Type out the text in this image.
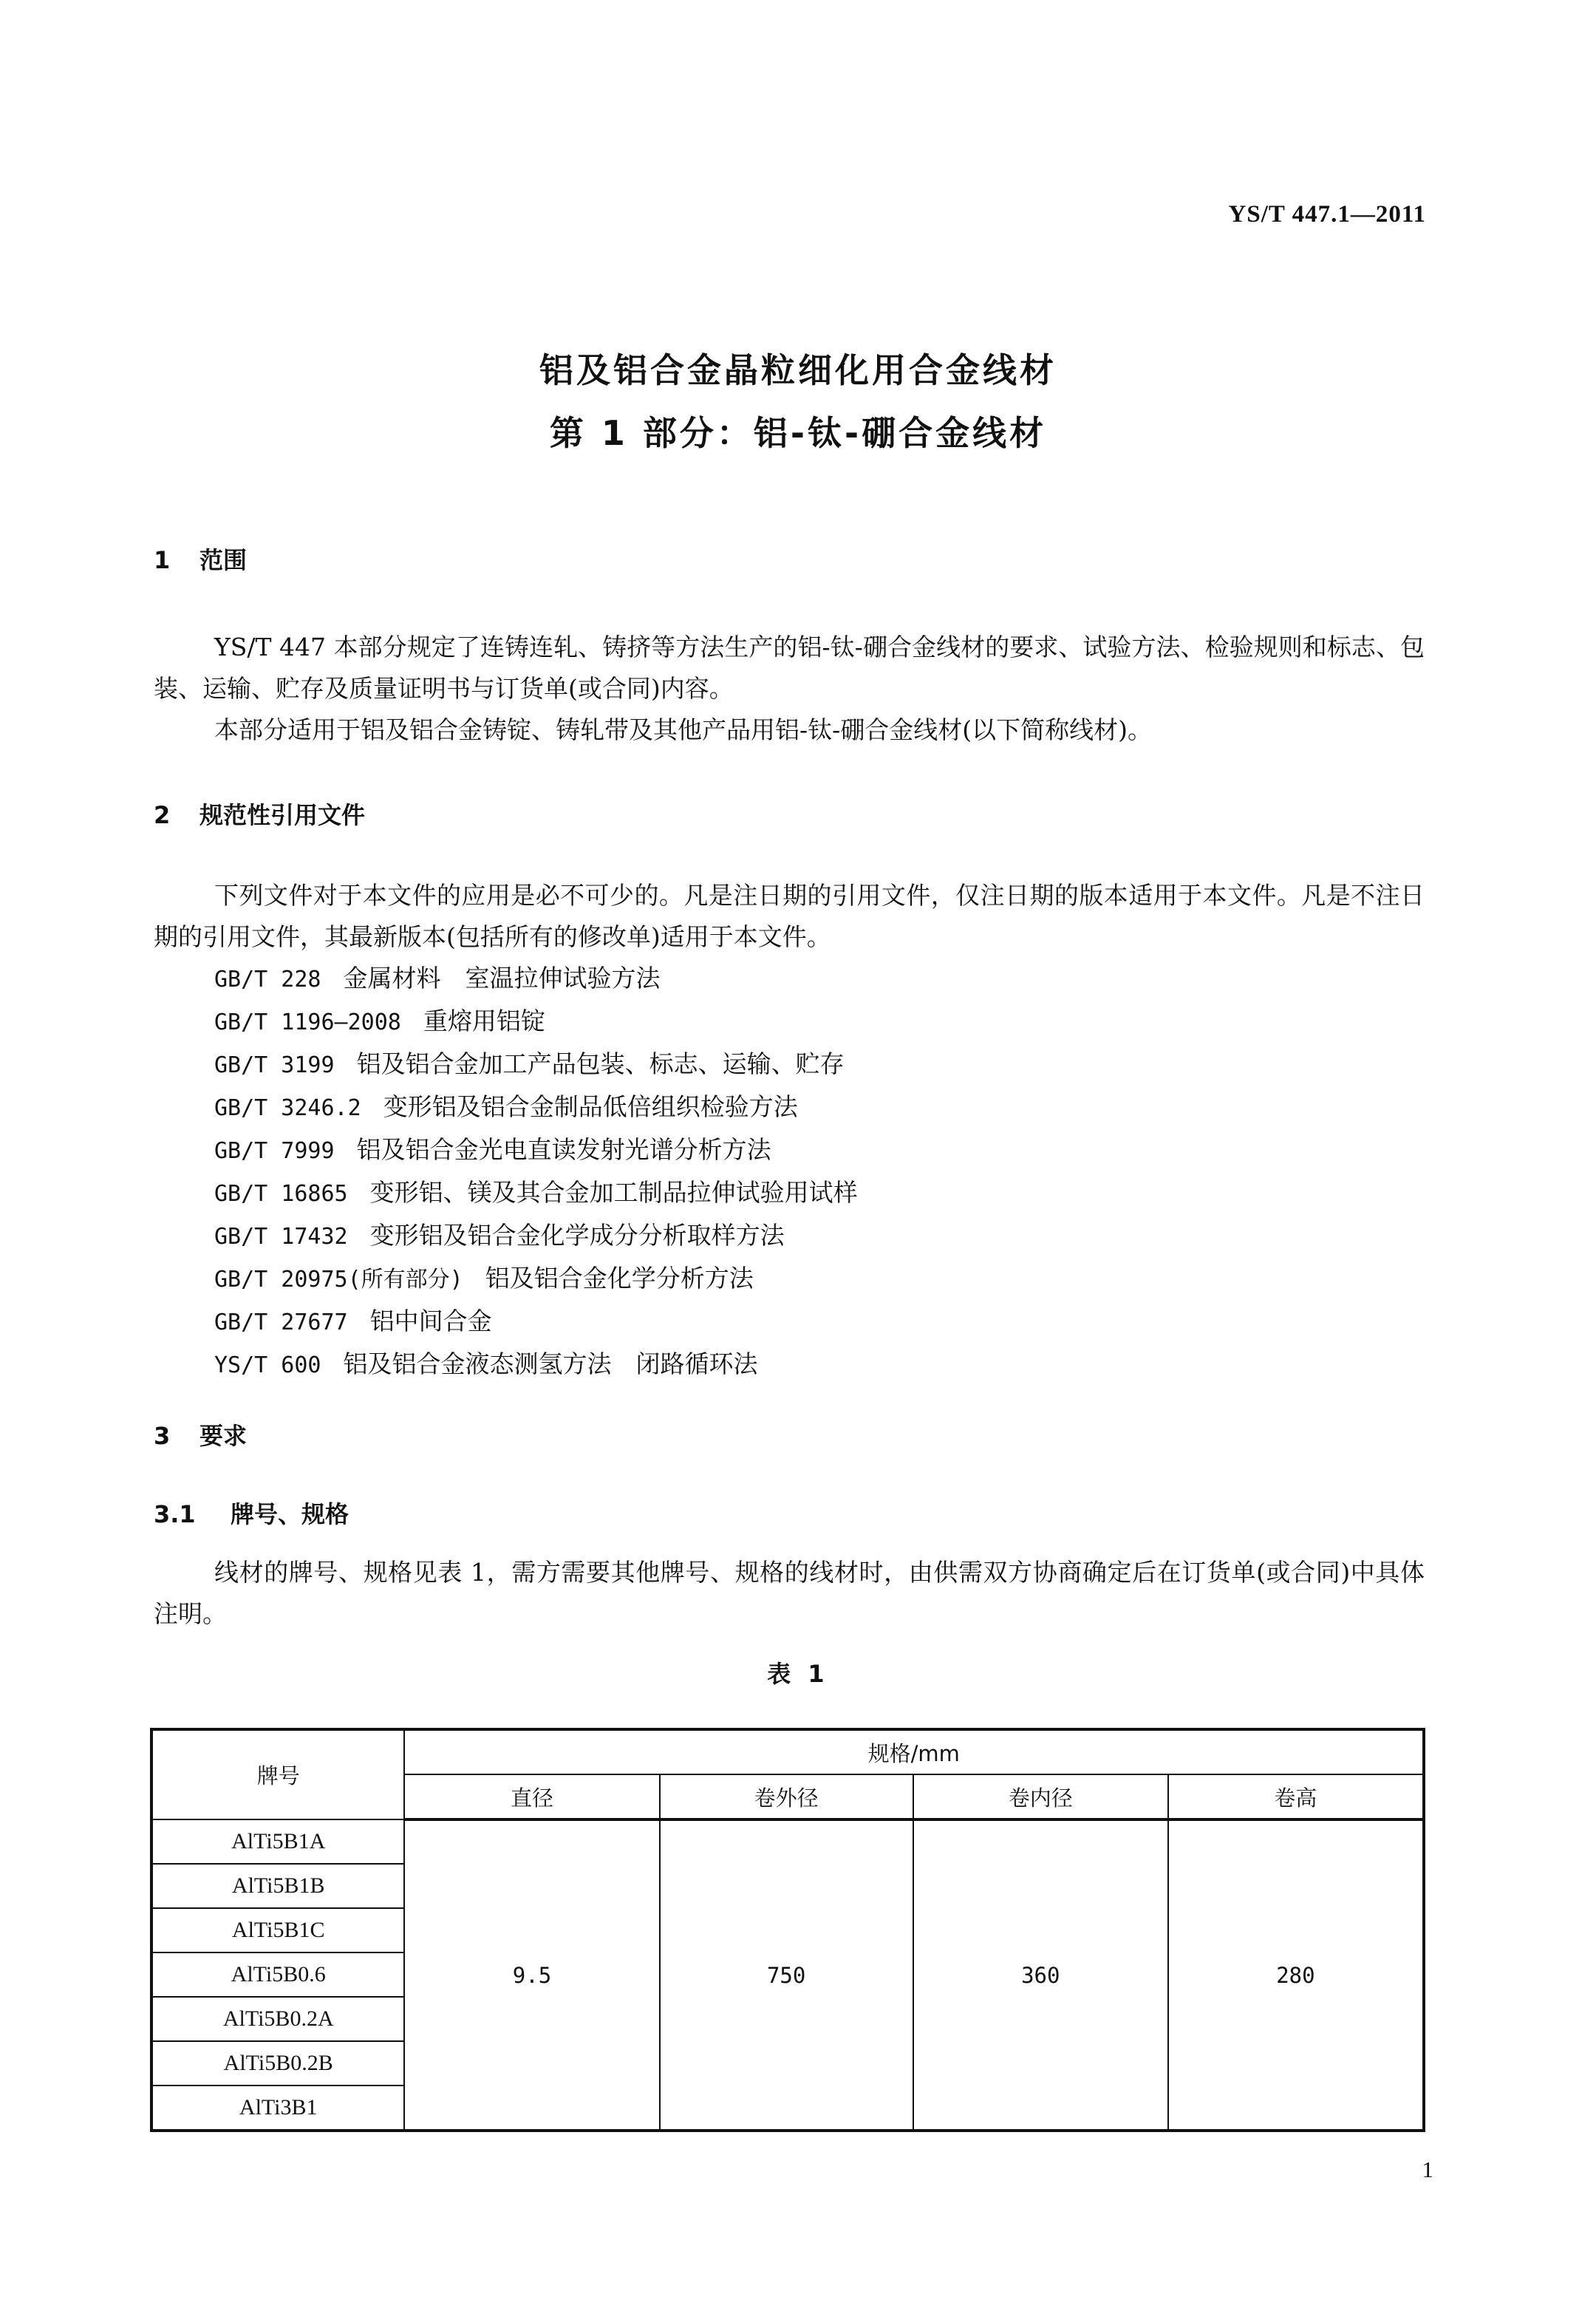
YS/T 447.1—2011
铝及铝合金晶粒细化用合金线材
第 1 部分：铝-钛-硼合金线材
1 范围
YS/T 447 本部分规定了连铸连轧、铸挤等方法生产的铝-钛-硼合金线材的要求、试验方法、检验规则和标志、包装、运输、贮存及质量证明书与订货单(或合同)内容。
本部分适用于铝及铝合金铸锭、铸轧带及其他产品用铝-钛-硼合金线材(以下简称线材)。
2 规范性引用文件
下列文件对于本文件的应用是必不可少的。凡是注日期的引用文件，仅注日期的版本适用于本文件。凡是不注日期的引用文件，其最新版本(包括所有的修改单)适用于本文件。
GB/T 228 金属材料　室温拉伸试验方法
GB/T 1196—2008 重熔用铝锭
GB/T 3199 铝及铝合金加工产品包装、标志、运输、贮存
GB/T 3246.2 变形铝及铝合金制品低倍组织检验方法
GB/T 7999 铝及铝合金光电直读发射光谱分析方法
GB/T 16865 变形铝、镁及其合金加工制品拉伸试验用试样
GB/T 17432 变形铝及铝合金化学成分分析取样方法
GB/T 20975(所有部分) 铝及铝合金化学分析方法
GB/T 27677 铝中间合金
YS/T 600 铝及铝合金液态测氢方法　闭路循环法
3 要求
3.1 牌号、规格
线材的牌号、规格见表 1，需方需要其他牌号、规格的线材时，由供需双方协商确定后在订货单(或合同)中具体注明。
表 1
牌号	规格/mm			
	直径	卷外径	卷内径	卷高
AlTi5B1A	9.5	750	360	280
AlTi5B1B				
AlTi5B1C				
AlTi5B0.6				
AlTi5B0.2A				
AlTi5B0.2B				
AlTi3B1				
1
